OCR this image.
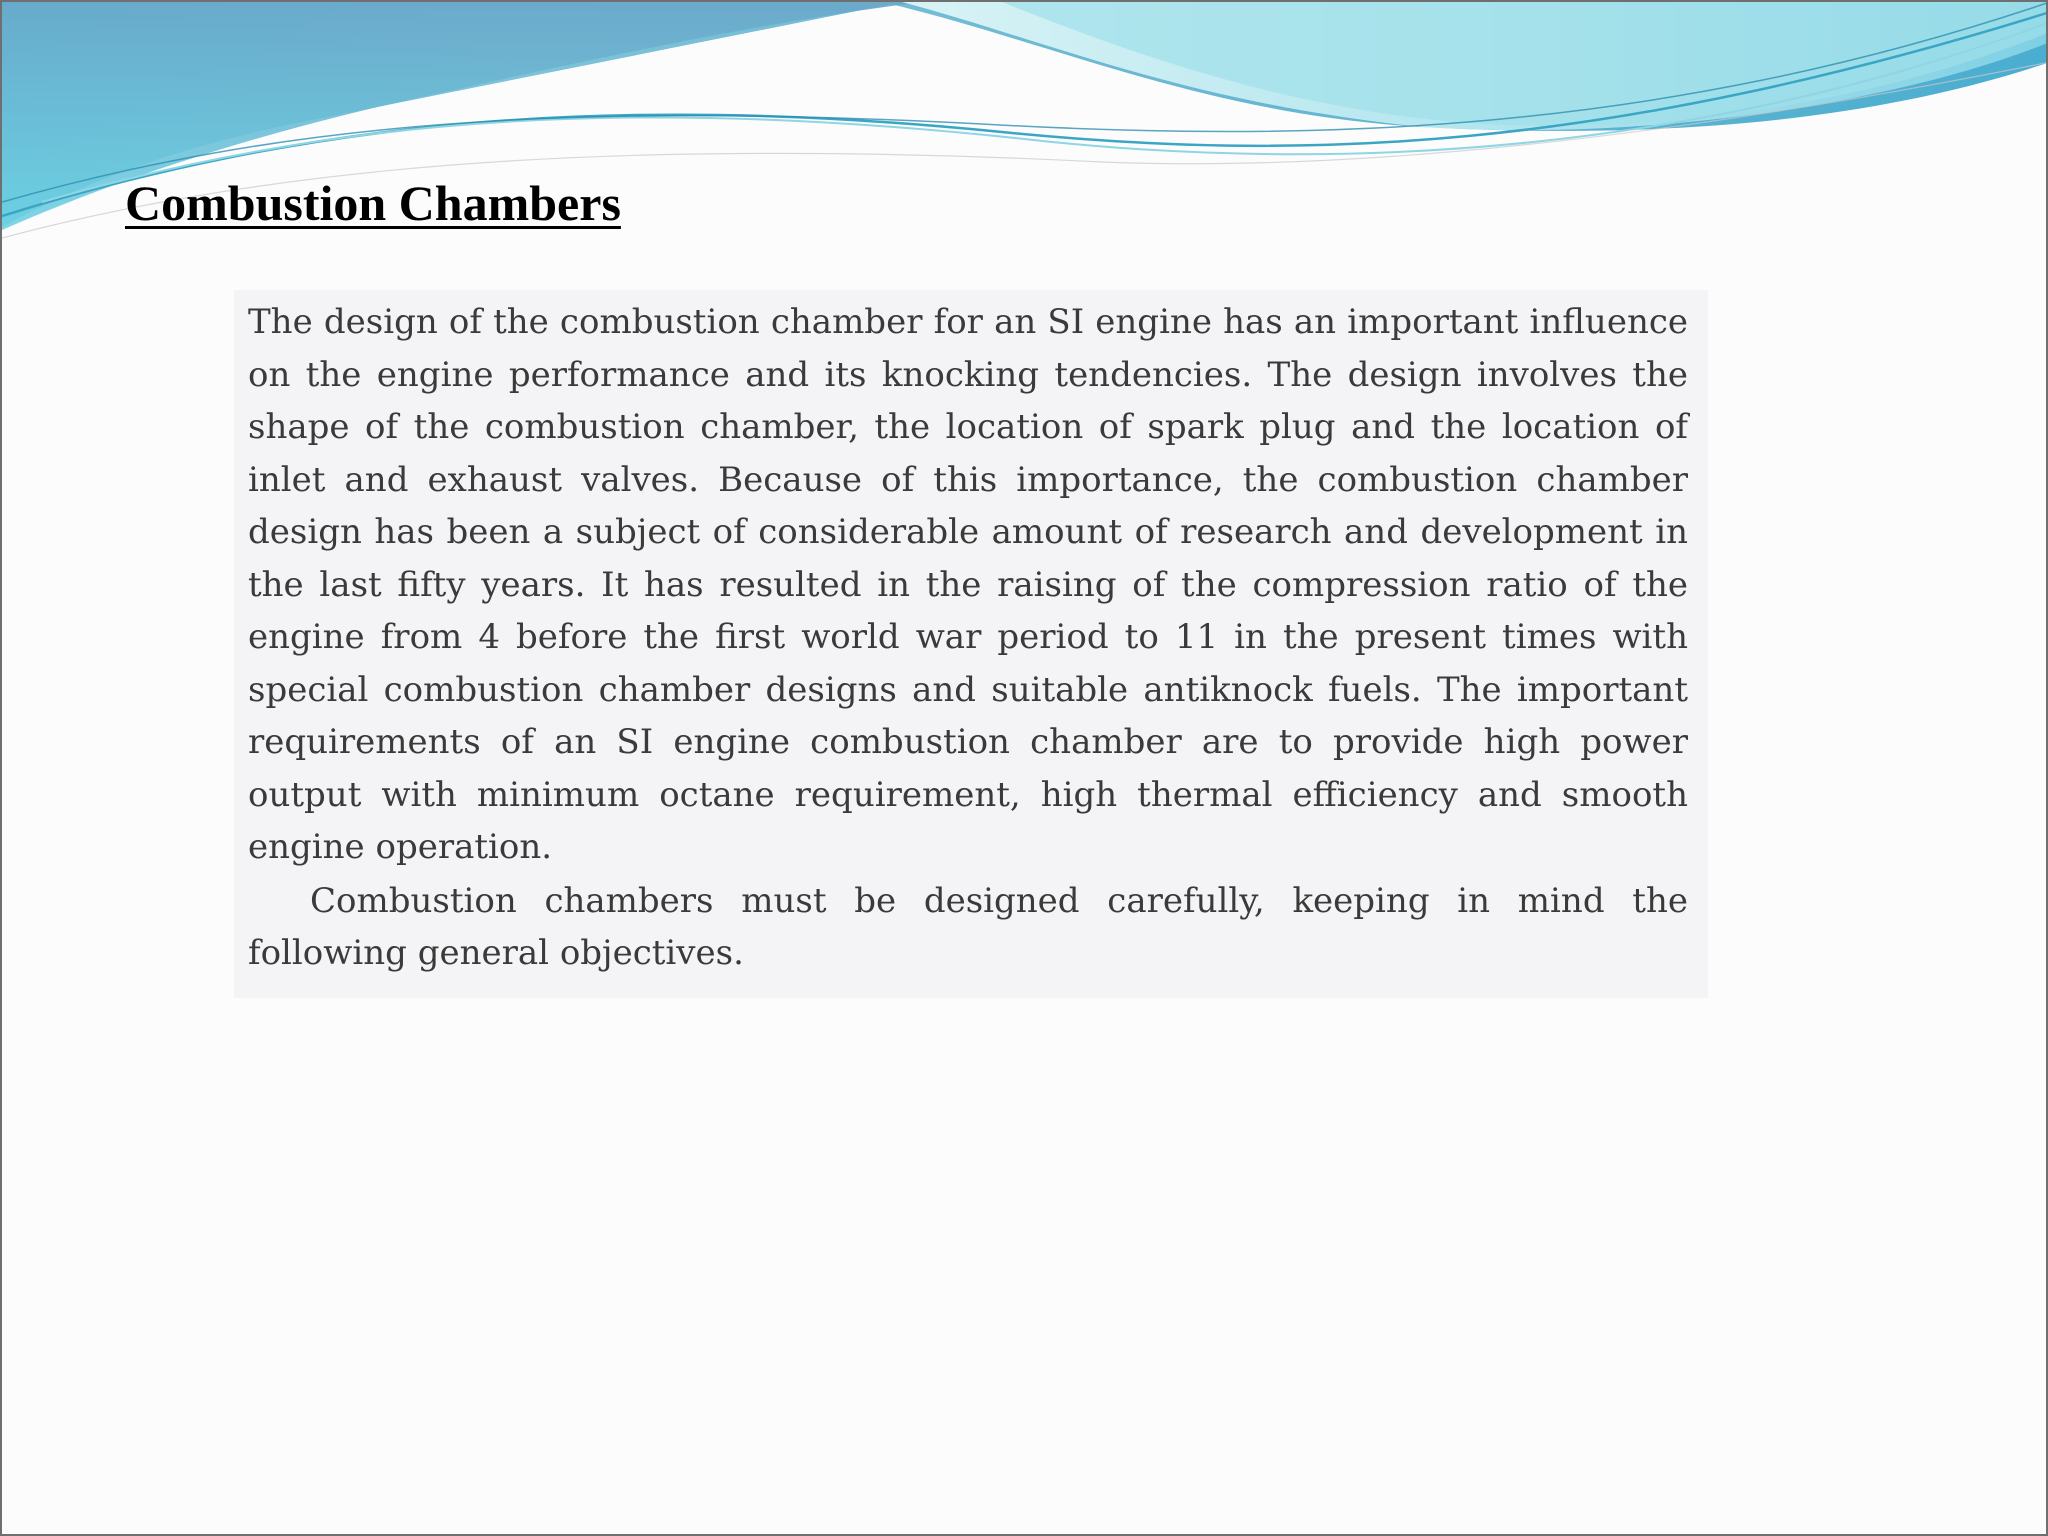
Combustion Chambers

The design of the combustion chamber for an SI engine has an important influence on the engine performance and its knocking tendencies. The design involves the shape of the combustion chamber, the location of spark plug and the location of inlet and exhaust valves. Because of this importance, the combustion chamber design has been a subject of considerable amount of research and development in the last fifty years. It has resulted in the raising of the compression ratio of the engine from 4 before the first world war period to 11 in the present times with special combustion chamber designs and suitable antiknock fuels. The important requirements of an SI engine combustion chamber are to provide high power output with minimum octane requirement, high thermal efficiency and smooth engine operation.

Combustion chambers must be designed carefully, keeping in mind the following general objectives.
